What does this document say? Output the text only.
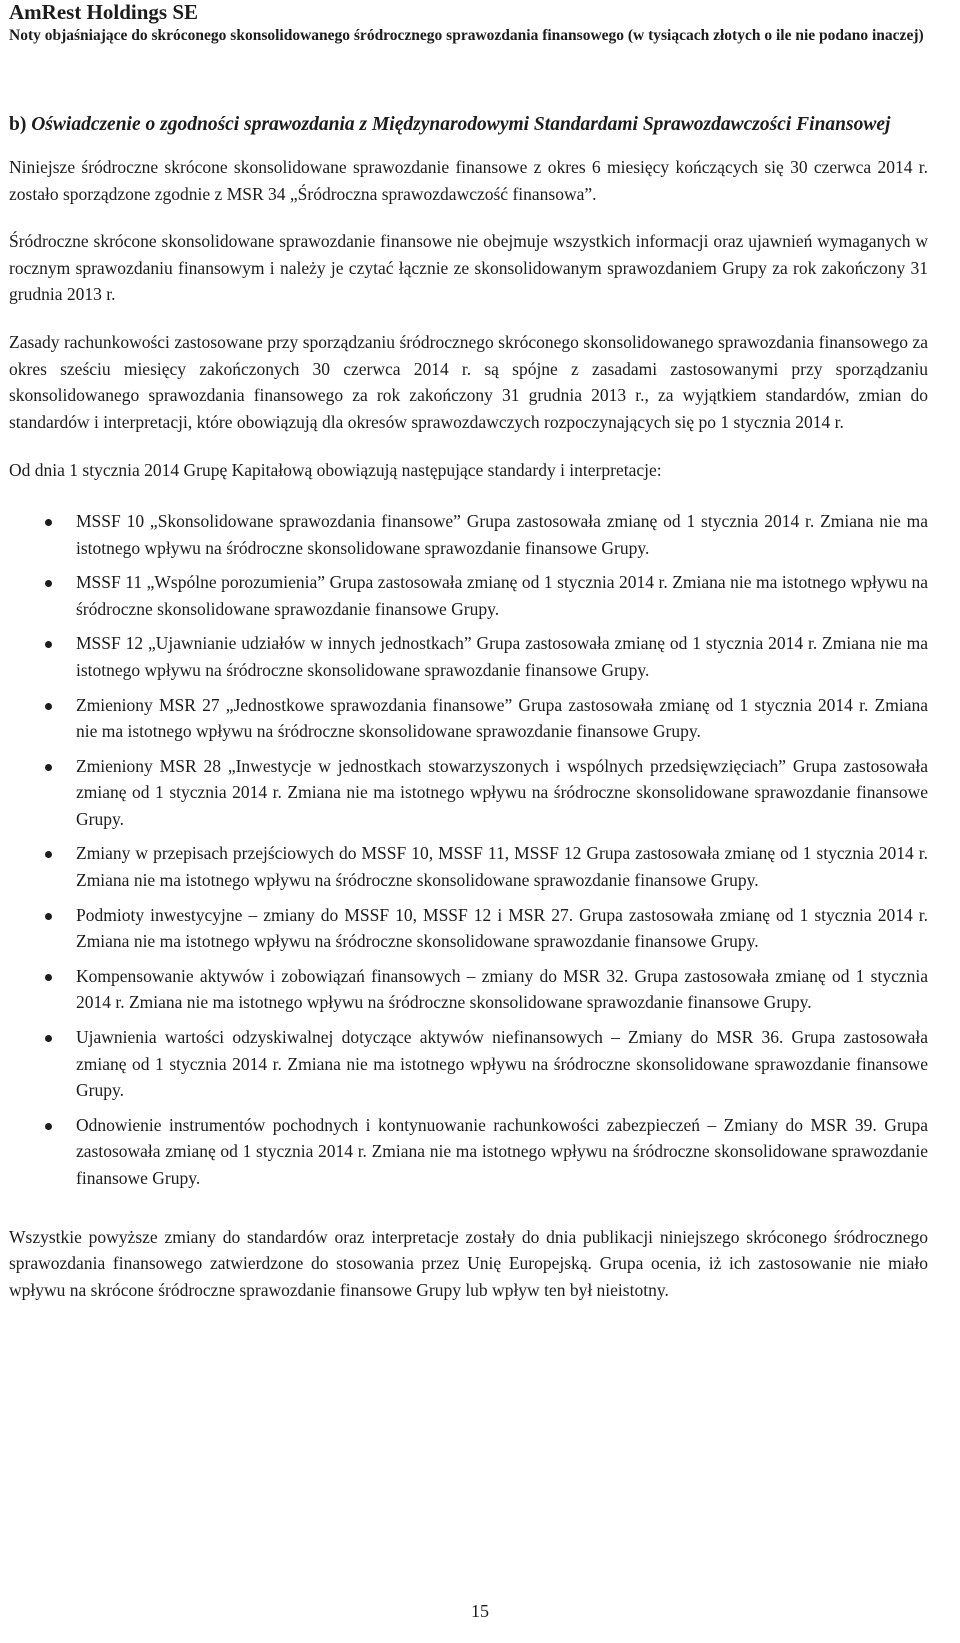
AmRest Holdings SE
Noty objaśniające do skróconego skonsolidowanego śródrocznego sprawozdania finansowego (w tysiącach złotych o ile nie podano inaczej)
b) Oświadczenie o zgodności sprawozdania z Międzynarodowymi Standardami Sprawozdawczości Finansowej

Niniejsze śródroczne skrócone skonsolidowane sprawozdanie finansowe z okres 6 miesięcy kończących się 30 czerwca 2014 r. zostało sporządzone zgodnie z MSR 34 „Śródroczna sprawozdawczość finansowa”.

Śródroczne skrócone skonsolidowane sprawozdanie finansowe nie obejmuje wszystkich informacji oraz ujawnień wymaganych w rocznym sprawozdaniu finansowym i należy je czytać łącznie ze skonsolidowanym sprawozdaniem Grupy za rok zakończony 31 grudnia 2013 r.

Zasady rachunkowości zastosowane przy sporządzaniu śródrocznego skróconego skonsolidowanego sprawozdania finansowego za okres sześciu miesięcy zakończonych 30 czerwca 2014 r. są spójne z zasadami zastosowanymi przy sporządzaniu skonsolidowanego sprawozdania finansowego za rok zakończony 31 grudnia 2013 r., za wyjątkiem standardów, zmian do standardów i interpretacji, które obowiązują dla okresów sprawozdawczych rozpoczynających się po 1 stycznia 2014 r.

Od dnia 1 stycznia 2014 Grupę Kapitałową obowiązują następujące standardy i interpretacje:

MSSF 10 „Skonsolidowane sprawozdania finansowe” Grupa zastosowała zmianę od 1 stycznia 2014 r. Zmiana nie ma istotnego wpływu na śródroczne skonsolidowane sprawozdanie finansowe Grupy.
MSSF 11 „Wspólne porozumienia” Grupa zastosowała zmianę od 1 stycznia 2014 r. Zmiana nie ma istotnego wpływu na śródroczne skonsolidowane sprawozdanie finansowe Grupy.
MSSF 12 „Ujawnianie udziałów w innych jednostkach” Grupa zastosowała zmianę od 1 stycznia 2014 r. Zmiana nie ma istotnego wpływu na śródroczne skonsolidowane sprawozdanie finansowe Grupy.
Zmieniony MSR 27 „Jednostkowe sprawozdania finansowe” Grupa zastosowała zmianę od 1 stycznia 2014 r. Zmiana nie ma istotnego wpływu na śródroczne skonsolidowane sprawozdanie finansowe Grupy.
Zmieniony MSR 28 „Inwestycje w jednostkach stowarzyszonych i wspólnych przedsięwzięciach” Grupa zastosowała zmianę od 1 stycznia 2014 r. Zmiana nie ma istotnego wpływu na śródroczne skonsolidowane sprawozdanie finansowe Grupy.
Zmiany w przepisach przejściowych do MSSF 10, MSSF 11, MSSF 12 Grupa zastosowała zmianę od 1 stycznia 2014 r. Zmiana nie ma istotnego wpływu na śródroczne skonsolidowane sprawozdanie finansowe Grupy.
Podmioty inwestycyjne – zmiany do MSSF 10, MSSF 12 i MSR 27. Grupa zastosowała zmianę od 1 stycznia 2014 r. Zmiana nie ma istotnego wpływu na śródroczne skonsolidowane sprawozdanie finansowe Grupy.
Kompensowanie aktywów i zobowiązań finansowych – zmiany do MSR 32. Grupa zastosowała zmianę od 1 stycznia 2014 r. Zmiana nie ma istotnego wpływu na śródroczne skonsolidowane sprawozdanie finansowe Grupy.
Ujawnienia wartości odzyskiwalnej dotyczące aktywów niefinansowych – Zmiany do MSR 36. Grupa zastosowała zmianę od 1 stycznia 2014 r. Zmiana nie ma istotnego wpływu na śródroczne skonsolidowane sprawozdanie finansowe Grupy.
Odnowienie instrumentów pochodnych i kontynuowanie rachunkowości zabezpieczeń – Zmiany do MSR 39. Grupa zastosowała zmianę od 1 stycznia 2014 r. Zmiana nie ma istotnego wpływu na śródroczne skonsolidowane sprawozdanie finansowe Grupy.

Wszystkie powyższe zmiany do standardów oraz interpretacje zostały do dnia publikacji niniejszego skróconego śródrocznego sprawozdania finansowego zatwierdzone do stosowania przez Unię Europejską. Grupa ocenia, iż ich zastosowanie nie miało wpływu na skrócone śródroczne sprawozdanie finansowe Grupy lub wpływ ten był nieistotny.

15
